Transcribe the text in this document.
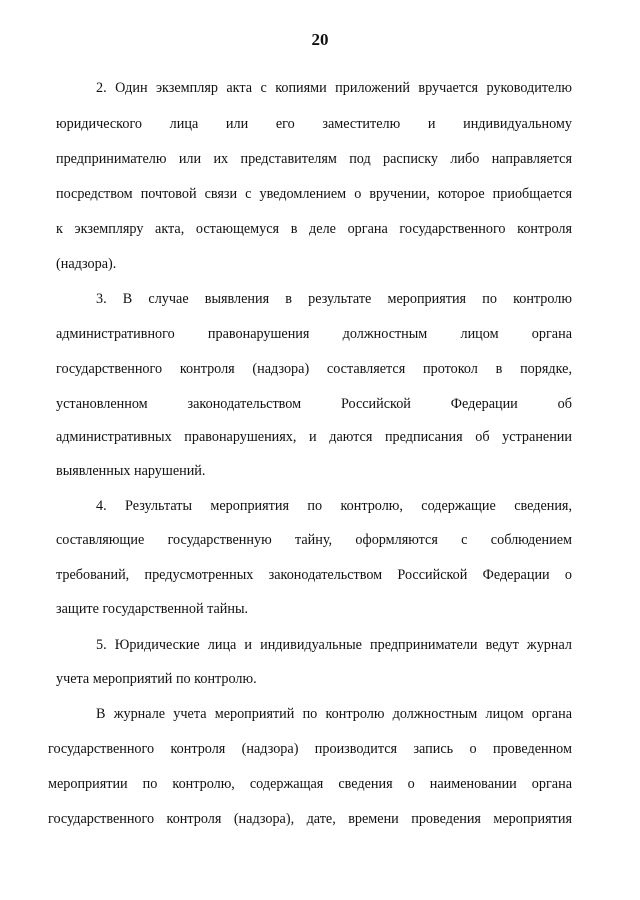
20
2. Один экземпляр акта с копиями приложений вручается руководителю
юридического лица или его заместителю и индивидуальному
предпринимателю или их представителям под расписку либо направляется
посредством почтовой связи с уведомлением о вручении, которое приобщается
к экземпляру акта, остающемуся в деле органа государственного контроля
(надзора).
3. В случае выявления в результате мероприятия по контролю
административного правонарушения должностным лицом органа
государственного контроля (надзора) составляется протокол в порядке,
установленном законодательством Российской Федерации об
административных правонарушениях, и даются предписания об устранении
выявленных нарушений.
4. Результаты мероприятия по контролю, содержащие сведения,
составляющие государственную тайну, оформляются с соблюдением
требований, предусмотренных законодательством Российской Федерации о
защите государственной тайны.
5. Юридические лица и индивидуальные предприниматели ведут журнал
учета мероприятий по контролю.
В журнале учета мероприятий по контролю должностным лицом органа
государственного контроля (надзора) производится запись о проведенном
мероприятии по контролю, содержащая сведения о наименовании органа
государственного контроля (надзора), дате, времени проведения мероприятия
